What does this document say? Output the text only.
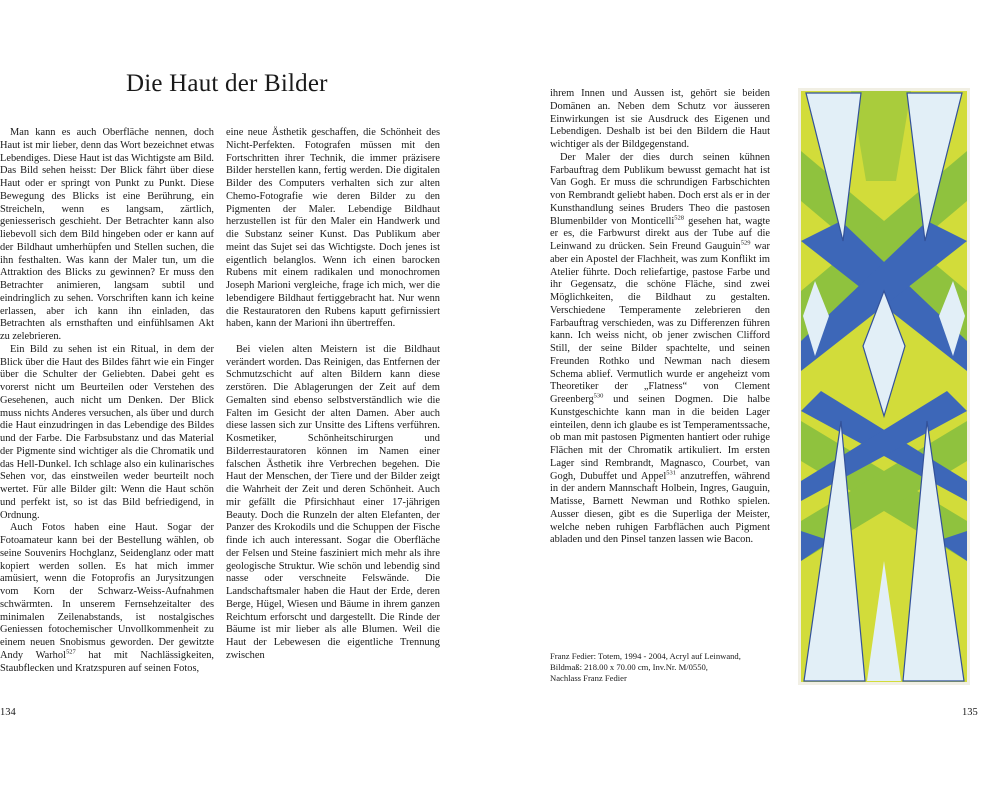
Die Haut der Bilder

Man kann es auch Oberfläche nennen, doch Haut ist mir lieber, denn das Wort bezeichnet etwas Lebendiges. Diese Haut ist das Wichtigste am Bild. Das Bild sehen heisst: Der Blick fährt über diese Haut oder er springt von Punkt zu Punkt. Diese Bewegung des Blicks ist eine Berührung, ein Streicheln, wenn es langsam, zärtlich, geniesserisch geschieht. Der Betrachter kann also liebevoll sich dem Bild hingeben oder er kann auf der Bildhaut umherhüpfen und Stellen suchen, die ihn festhalten. Was kann der Maler tun, um die Attraktion des Blicks zu gewinnen? Er muss den Betrachter animieren, langsam subtil und eindringlich zu sehen. Vorschriften kann ich keine erlassen, aber ich kann ihn einladen, das Betrachten als ernsthaften und einfühlsamen Akt zu zelebrieren.

Ein Bild zu sehen ist ein Ritual, in dem der Blick über die Haut des Bildes fährt wie ein Finger über die Schulter der Geliebten. Dabei geht es vorerst nicht um Beurteilen oder Verstehen des Gesehenen, auch nicht um Denken. Der Blick muss nichts Anderes versuchen, als über und durch die Haut einzudringen in das Lebendige des Bildes und der Farbe. Die Farbsubstanz und das Material der Pigmente sind wichtiger als die Chromatik und das Hell-Dunkel. Ich schlage also ein kulinarisches Sehen vor, das einstweilen weder beurteilt noch wertet. Für alle Bilder gilt: Wenn die Haut schön und perfekt ist, so ist das Bild befriedigend, in Ordnung.

Auch Fotos haben eine Haut. Sogar der Fotoamateur kann bei der Bestellung wählen, ob seine Souvenirs Hochglanz, Seidenglanz oder matt kopiert werden sollen. Es hat mich immer amüsiert, wenn die Fotoprofis an Jurysitzungen vom Korn der Schwarz-Weiss-Aufnahmen schwärmten. In unserem Fernsehzeitalter des minimalen Zeilenabstands, ist nostalgisches Geniessen fotochemischer Unvollkommenheit zu einem neuen Snobismus geworden. Der gewitzte Andy Warhol$^{527}$ hat mit Nachlässigkeiten, Staubflecken und Kratzspuren auf seinen Fotos,

eine neue Ästhetik geschaffen, die Schönheit des Nicht-Perfekten. Fotografen müssen mit den Fortschritten ihrer Technik, die immer präzisere Bilder herstellen kann, fertig werden. Die digitalen Bilder des Computers verhalten sich zur alten Chemo-Fotografie wie deren Bilder zu den Pigmenten der Maler. Lebendige Bildhaut herzustellen ist für den Maler ein Handwerk und die Substanz seiner Kunst. Das Publikum aber meint das Sujet sei das Wichtigste. Doch jenes ist eigentlich belanglos. Wenn ich einen barocken Rubens mit einem radikalen und monochromen Joseph Marioni vergleiche, frage ich mich, wer die lebendigere Bildhaut fertiggebracht hat. Nur wenn die Restauratoren den Rubens kaputt gefirnissiert haben, kann der Marioni ihn übertreffen.

Bei vielen alten Meistern ist die Bildhaut verändert worden. Das Reinigen, das Entfernen der Schmutzschicht auf alten Bildern kann diese zerstören. Die Ablagerungen der Zeit auf dem Gemalten sind ebenso selbstverständlich wie die Falten im Gesicht der alten Damen. Aber auch diese lassen sich zur Unsitte des Liftens verführen. Kosmetiker, Schönheitschirurgen und Bilderrestauratoren können im Namen einer falschen Ästhetik ihre Verbrechen begehen. Die Haut der Menschen, der Tiere und der Bilder zeigt die Wahrheit der Zeit und deren Schönheit. Auch mir gefällt die Pfirsichhaut einer 17-jährigen Beauty. Doch die Runzeln der alten Elefanten, der Panzer des Krokodils und die Schuppen der Fische finde ich auch interessant. Sogar die Oberfläche der Felsen und Steine fasziniert mich mehr als ihre geologische Struktur. Wie schön und lebendig sind nasse oder verschneite Felswände. Die Landschaftsmaler haben die Haut der Erde, deren Berge, Hügel, Wiesen und Bäume in ihrem ganzen Reichtum erforscht und dargestellt. Die Rinde der Bäume ist mir lieber als alle Blumen. Weil die Haut der Lebewesen die eigentliche Trennung zwischen

134

ihrem Innen und Aussen ist, gehört sie beiden Domänen an. Neben dem Schutz vor äusseren Einwirkungen ist sie Ausdruck des Eigenen und Lebendigen. Deshalb ist bei den Bildern die Haut wichtiger als der Bildgegenstand.

Der Maler der dies durch seinen kühnen Farbauftrag dem Publikum bewusst gemacht hat ist Van Gogh. Er muss die schrundigen Farbschichten von Rembrandt geliebt haben. Doch erst als er in der Kunsthandlung seines Bruders Theo die pastosen Blumenbilder von Monticelli$^{528}$ gesehen hat, wagte er es, die Farbwurst direkt aus der Tube auf die Leinwand zu drücken. Sein Freund Gauguin$^{529}$ war aber ein Apostel der Flachheit, was zum Konflikt im Atelier führte. Doch reliefartige, pastose Farbe und ihr Gegensatz, die schöne Fläche, sind zwei Möglichkeiten, die Bildhaut zu gestalten. Verschiedene Temperamente zelebrieren den Farbauftrag verschieden, was zu Differenzen führen kann. Ich weiss nicht, ob jener zwischen Clifford Still, der seine Bilder spachtelte, und seinen Freunden Rothko und Newman nach diesem Schema ablief. Vermutlich wurde er angeheizt vom Theoretiker der „Flatness“ von Clement Greenberg$^{530}$ und seinen Dogmen. Die halbe Kunstgeschichte kann man in die beiden Lager einteilen, denn ich glaube es ist Temperamentssache, ob man mit pastosen Pigmenten hantiert oder ruhige Flächen mit der Chromatik artikuliert. Im ersten Lager sind Rembrandt, Magnasco, Courbet, van Gogh, Dubuffet und Appel$^{531}$ anzutreffen, während in der andern Mannschaft Holbein, Ingres, Gauguin, Matisse, Barnett Newman und Rothko spielen. Ausser diesen, gibt es die Superliga der Meister, welche neben ruhigen Farbflächen auch Pigment abladen und den Pinsel tanzen lassen wie Bacon.

Franz Fedier: Totem, 1994 - 2004, Acryl auf Leinwand,
Bildmaß: 218.00 x 70.00 cm, Inv.Nr. M/0550,
Nachlass Franz Fedier
135
